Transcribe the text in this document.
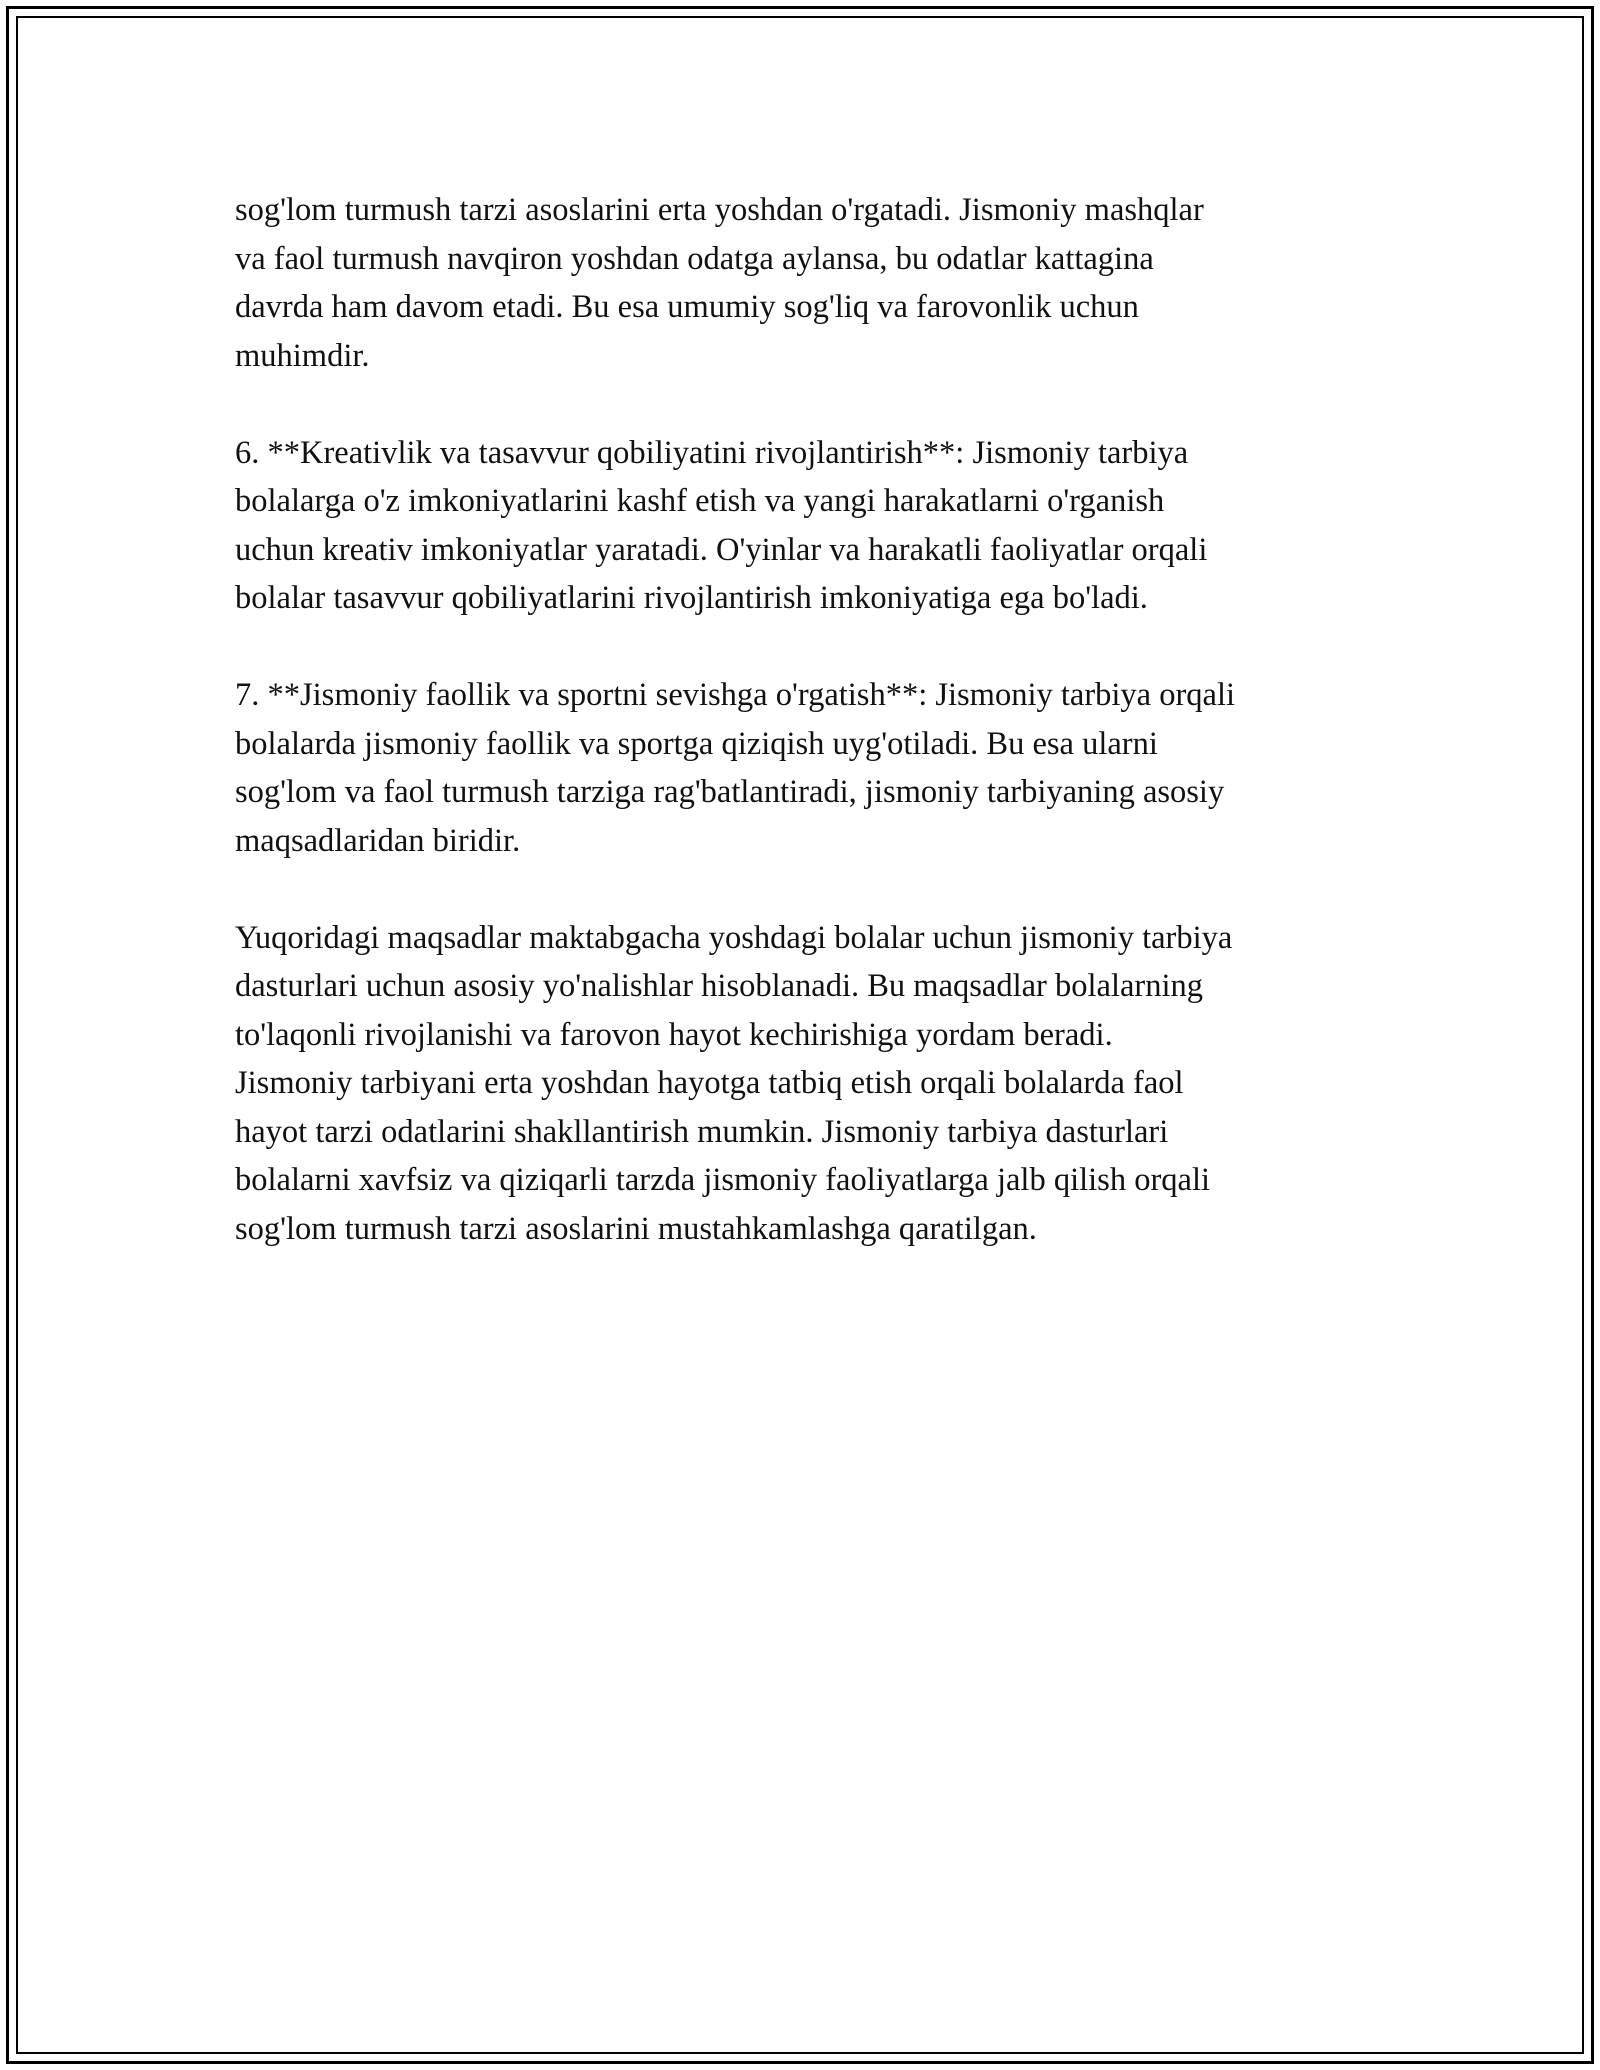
sog'lom turmush tarzi asoslarini erta yoshdan o'rgatadi. Jismoniy mashqlar
va faol turmush navqiron yoshdan odatga aylansa, bu odatlar kattagina
davrda ham davom etadi. Bu esa umumiy sog'liq va farovonlik uchun
muhimdir.
6. **Kreativlik va tasavvur qobiliyatini rivojlantirish**: Jismoniy tarbiya
bolalarga o'z imkoniyatlarini kashf etish va yangi harakatlarni o'rganish
uchun kreativ imkoniyatlar yaratadi. O'yinlar va harakatli faoliyatlar orqali
bolalar tasavvur qobiliyatlarini rivojlantirish imkoniyatiga ega bo'ladi.
7. **Jismoniy faollik va sportni sevishga o'rgatish**: Jismoniy tarbiya orqali
bolalarda jismoniy faollik va sportga qiziqish uyg'otiladi. Bu esa ularni
sog'lom va faol turmush tarziga rag'batlantiradi, jismoniy tarbiyaning asosiy
maqsadlaridan biridir.
Yuqoridagi maqsadlar maktabgacha yoshdagi bolalar uchun jismoniy tarbiya
dasturlari uchun asosiy yo'nalishlar hisoblanadi. Bu maqsadlar bolalarning
to'laqonli rivojlanishi va farovon hayot kechirishiga yordam beradi.
Jismoniy tarbiyani erta yoshdan hayotga tatbiq etish orqali bolalarda faol
hayot tarzi odatlarini shakllantirish mumkin. Jismoniy tarbiya dasturlari
bolalarni xavfsiz va qiziqarli tarzda jismoniy faoliyatlarga jalb qilish orqali
sog'lom turmush tarzi asoslarini mustahkamlashga qaratilgan.
